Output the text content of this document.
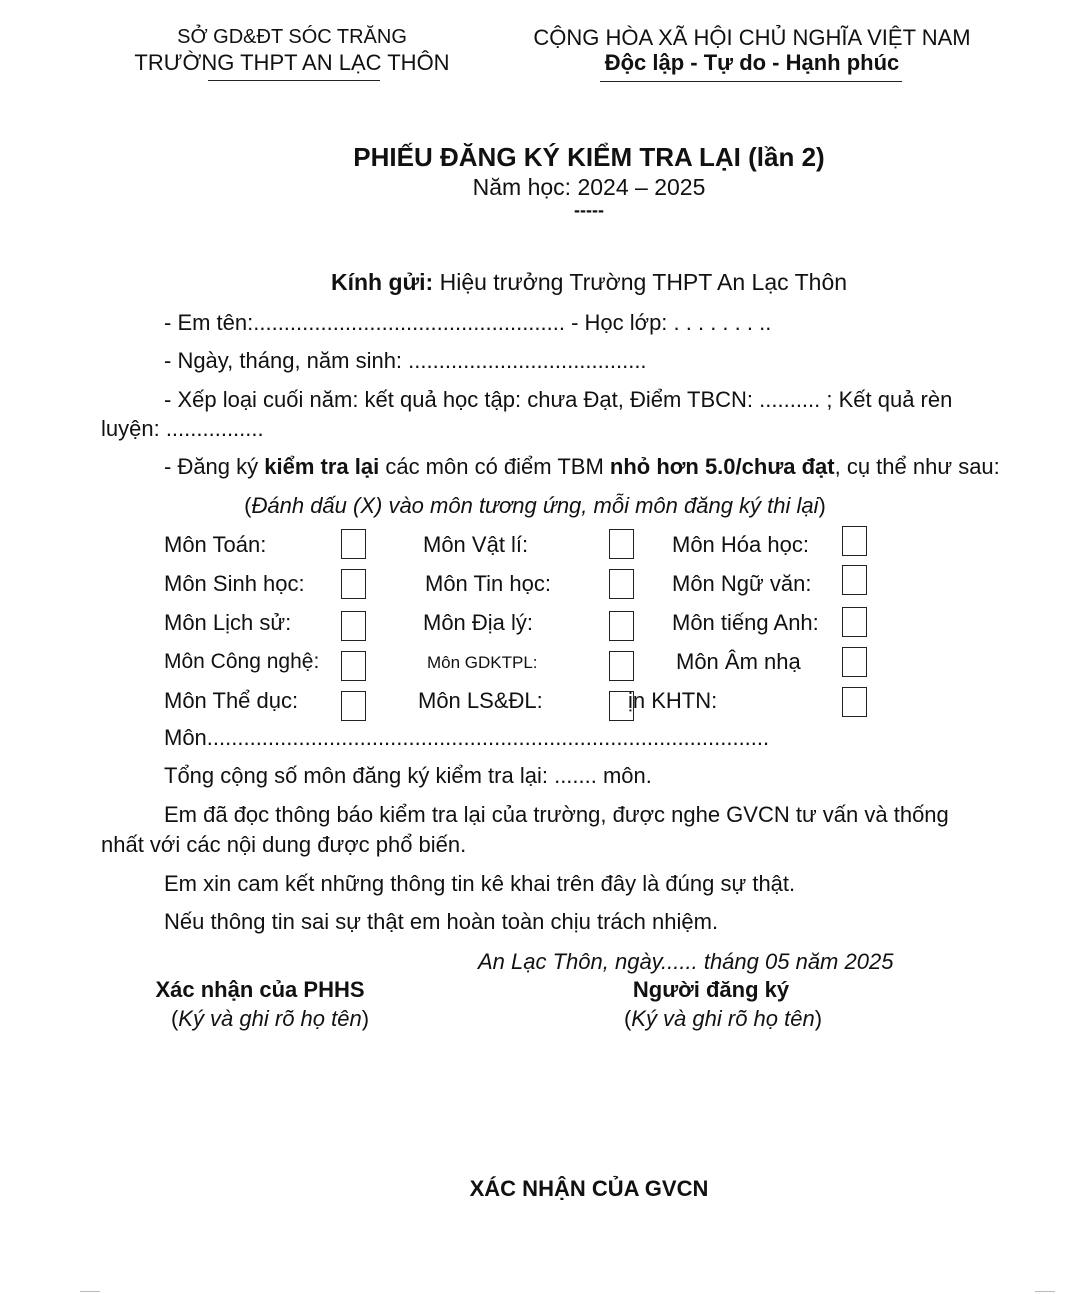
SỞ GD&ĐT SÓC TRĂNG
TRƯỜNG THPT AN LẠC THÔN
CỘNG HÒA XÃ HỘI CHỦ NGHĨA VIỆT NAM
Độc lập - Tự do - Hạnh phúc
PHIẾU ĐĂNG KÝ KIỂM TRA LẠI (lần 2)
Năm học: 2024 – 2025
-----
Kính gửi: Hiệu trưởng Trường THPT An Lạc Thôn
- Em tên:................................................... - Học lớp: . . . . . . . ..
- Ngày, tháng, năm sinh: .......................................
- Xếp loại cuối năm: kết quả học tập: chưa Đạt, Điểm TBCN: .......... ; Kết quả rèn
luyện: ................
- Đăng ký kiểm tra lại các môn có điểm TBM nhỏ hơn 5.0/chưa đạt, cụ thể như sau:
(Đánh dấu (X) vào môn tương ứng, mỗi môn đăng ký thi lại)
Môn Toán:	Môn Vật lí:	Môn Hóa học:
Môn Sinh học:	Môn Tin học:	Môn Ngữ văn:
Môn Lịch sử:	Môn Địa lý:	Môn tiếng Anh:
Môn Công nghệ:	Môn GDKTPL:	Môn Âm nhạ
Môn Thể dục:	Môn LS&ĐL:	ịn KHTN:
Môn............................................................................................
Tổng cộng số môn đăng ký kiểm tra lại: ....... môn.
Em đã đọc thông báo kiểm tra lại của trường, được nghe GVCN tư vấn và thống
nhất với các nội dung được phổ biến.
Em xin cam kết những thông tin kê khai trên đây là đúng sự thật.
Nếu thông tin sai sự thật em hoàn toàn chịu trách nhiệm.
An Lạc Thôn, ngày...... tháng 05 năm 2025
Xác nhận của PHHS
(Ký và ghi rõ họ tên)
Người đăng ký
(Ký và ghi rõ họ tên)
XÁC NHẬN CỦA GVCN
